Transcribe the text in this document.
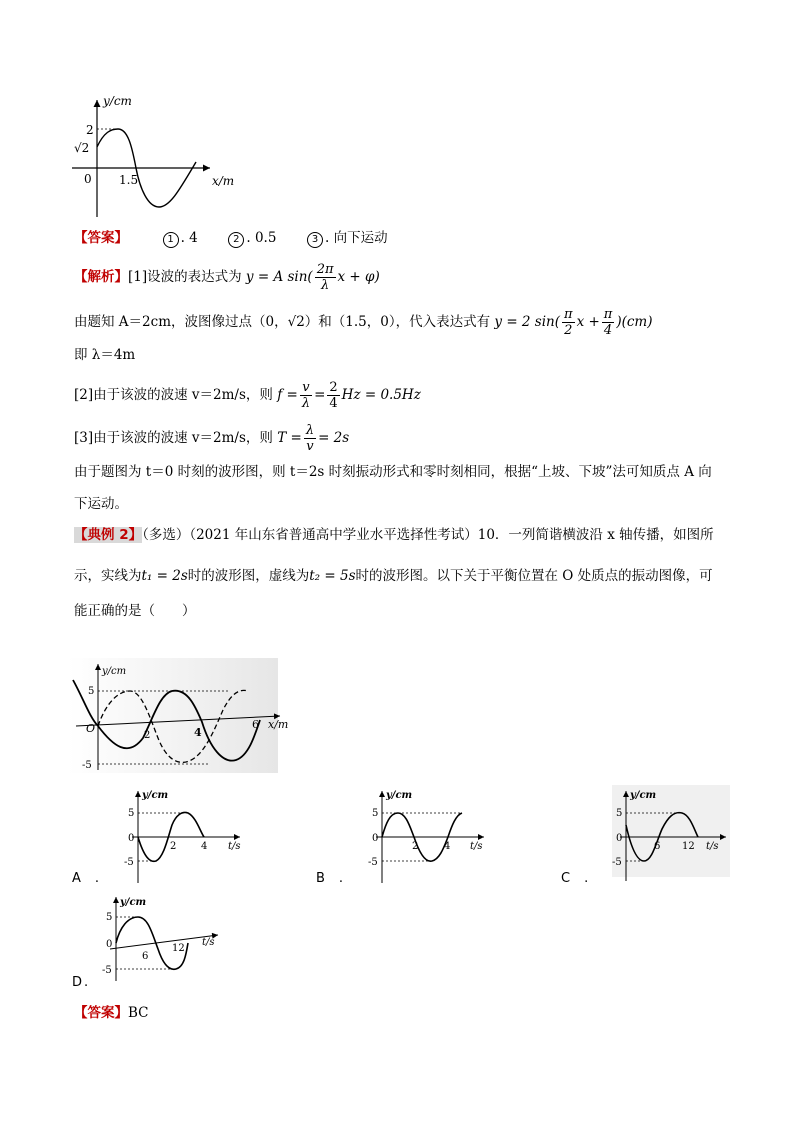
y/cm
x/m
2
√2
0 1.5
【答案】	1 . 4	2 . 0.5	3 . 向下运动
【解析】[1]设波的表达式为 y = A $\sin( \frac{2\pi}{\lambda}$ x + φ)
由题知 A＝2cm，波图像过点（0，√2）和（1.5，0），代入表达式有 y = 2 $\sin( \frac{\pi}{2}$ $x + \frac{\pi}{4} )(cm)$
即 λ＝4m
[2]由于该波的波速 v＝2m/s，则 $f = \frac{v}{\lambda} = \frac{2}{4}$ Hz = 0.5Hz
[3]由于该波的波速 v＝2m/s，则 $T = \frac{\lambda}{v} = 2s$
由于题图为 t＝0 时刻的波形图，则 t＝2s 时刻振动形式和零时刻相同，根据“上坡、下坡”法可知质点 A 向
下运动。
【典例 2】（多选）（2021 年山东省普通高中学业水平选择性考试）10．一列简谐横波沿 x 轴传播，如图所
示，实线为t₁ = 2s时的波形图，虚线为t₂ = 5s时的波形图。以下关于平衡位置在 O 处质点的振动图像，可
能正确的是（　　）
y/cm
x/m
5
-5
O
2	4
6
y/cm
t/s
5
0
-5
2 4
A .
y/cm
t/s
5
0
-5
2	4
B .
y/cm
t/s
5
0
-5
6 12
C .
y/cm
t/s
5
0
-5
6
12
D .
【答案】BC
